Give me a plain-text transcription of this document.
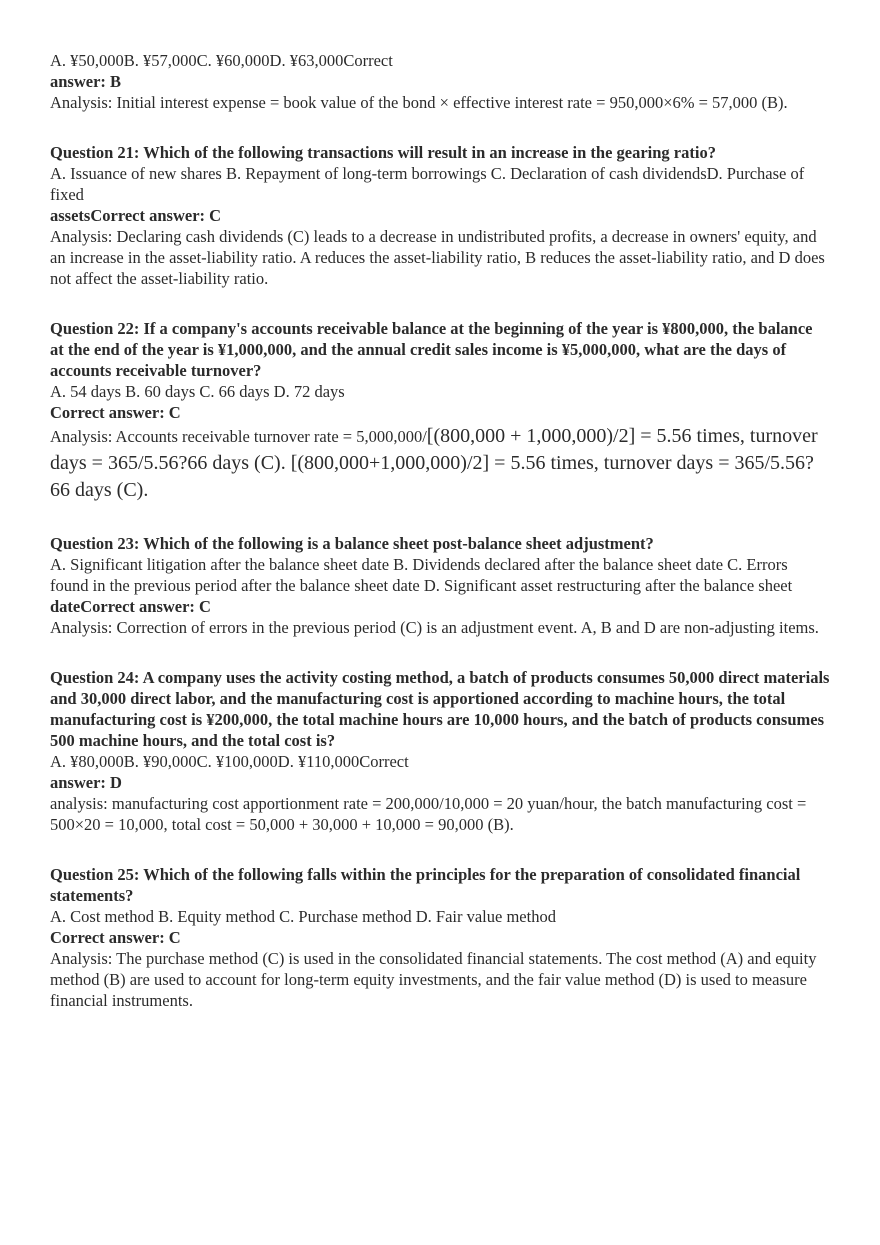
A. ¥50,000B. ¥57,000C. ¥60,000D. ¥63,000Correct
answer: B
Analysis: Initial interest expense = book value of the bond × effective interest rate = 950,000×6% = 57,000 (B).
Question 21: Which of the following transactions will result in an increase in the gearing ratio?
A. Issuance of new shares B. Repayment of long-term borrowings C. Declaration of cash dividendsD. Purchase of fixed
assetsCorrect answer: C
Analysis: Declaring cash dividends (C) leads to a decrease in undistributed profits, a decrease in owners' equity, and an increase in the asset-liability ratio. A reduces the asset-liability ratio, B reduces the asset-liability ratio, and D does not affect the asset-liability ratio.
Question 22: If a company's accounts receivable balance at the beginning of the year is ¥800,000, the balance at the end of the year is ¥1,000,000, and the annual credit sales income is ¥5,000,000, what are the days of accounts receivable turnover?
A. 54 days B. 60 days C. 66 days D. 72 days
Correct answer: C
Analysis: Accounts receivable turnover rate = 5,000,000/[(800,000 + 1,000,000)/2] = 5.56 times, turnover days = 365/5.56?66 days (C). [(800,000+1,000,000)/2] = 5.56 times, turnover days = 365/5.56?66 days (C).
Question 23: Which of the following is a balance sheet post-balance sheet adjustment?
A. Significant litigation after the balance sheet date B. Dividends declared after the balance sheet date C. Errors found in the previous period after the balance sheet date D. Significant asset restructuring after the balance sheet
dateCorrect answer: C
Analysis: Correction of errors in the previous period (C) is an adjustment event. A, B and D are non-adjusting items.
Question 24: A company uses the activity costing method, a batch of products consumes 50,000 direct materials and 30,000 direct labor, and the manufacturing cost is apportioned according to machine hours, the total manufacturing cost is ¥200,000, the total machine hours are 10,000 hours, and the batch of products consumes 500 machine hours, and the total cost is?
A. ¥80,000B. ¥90,000C. ¥100,000D. ¥110,000Correct
answer: D
analysis: manufacturing cost apportionment rate = 200,000/10,000 = 20 yuan/hour, the batch manufacturing cost = 500×20 = 10,000, total cost = 50,000 + 30,000 + 10,000 = 90,000 (B).
Question 25: Which of the following falls within the principles for the preparation of consolidated financial statements?
A. Cost method B. Equity method C. Purchase method D. Fair value method
Correct answer: C
Analysis: The purchase method (C) is used in the consolidated financial statements. The cost method (A) and equity method (B) are used to account for long-term equity investments, and the fair value method (D) is used to measure financial instruments.
